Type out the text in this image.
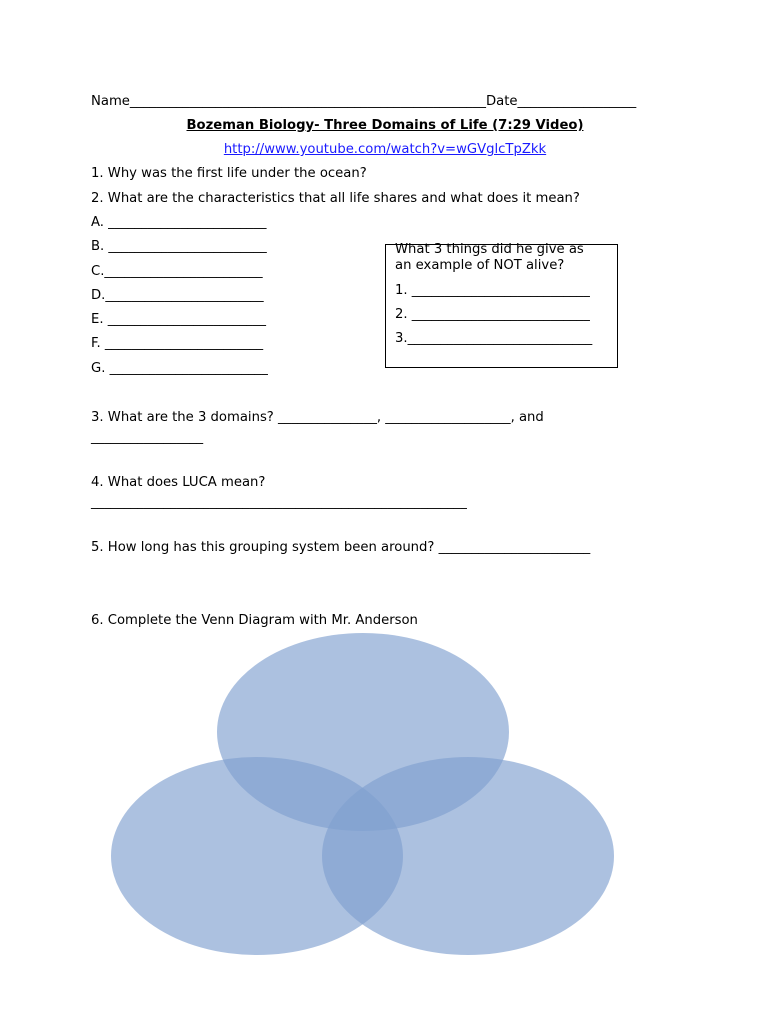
Name______________________________________________________Date__________________
Bozeman Biology- Three Domains of Life (7:29 Video)
http://www.youtube.com/watch?v=wGVglcTpZkk
1. Why was the first life under the ocean?
2. What are the characteristics that all life shares and what does it mean?
A. ________________________
B. ________________________
C.________________________
D.________________________
E. ________________________
F. ________________________
G. ________________________
What 3 things did he give as
an example of NOT alive?
1. ___________________________
2. ___________________________
3.____________________________
3. What are the 3 domains? _______________, ___________________, and
_________________
4. What does LUCA mean?
_________________________________________________________
5. How long has this grouping system been around? _______________________
6. Complete the Venn Diagram with Mr. Anderson
